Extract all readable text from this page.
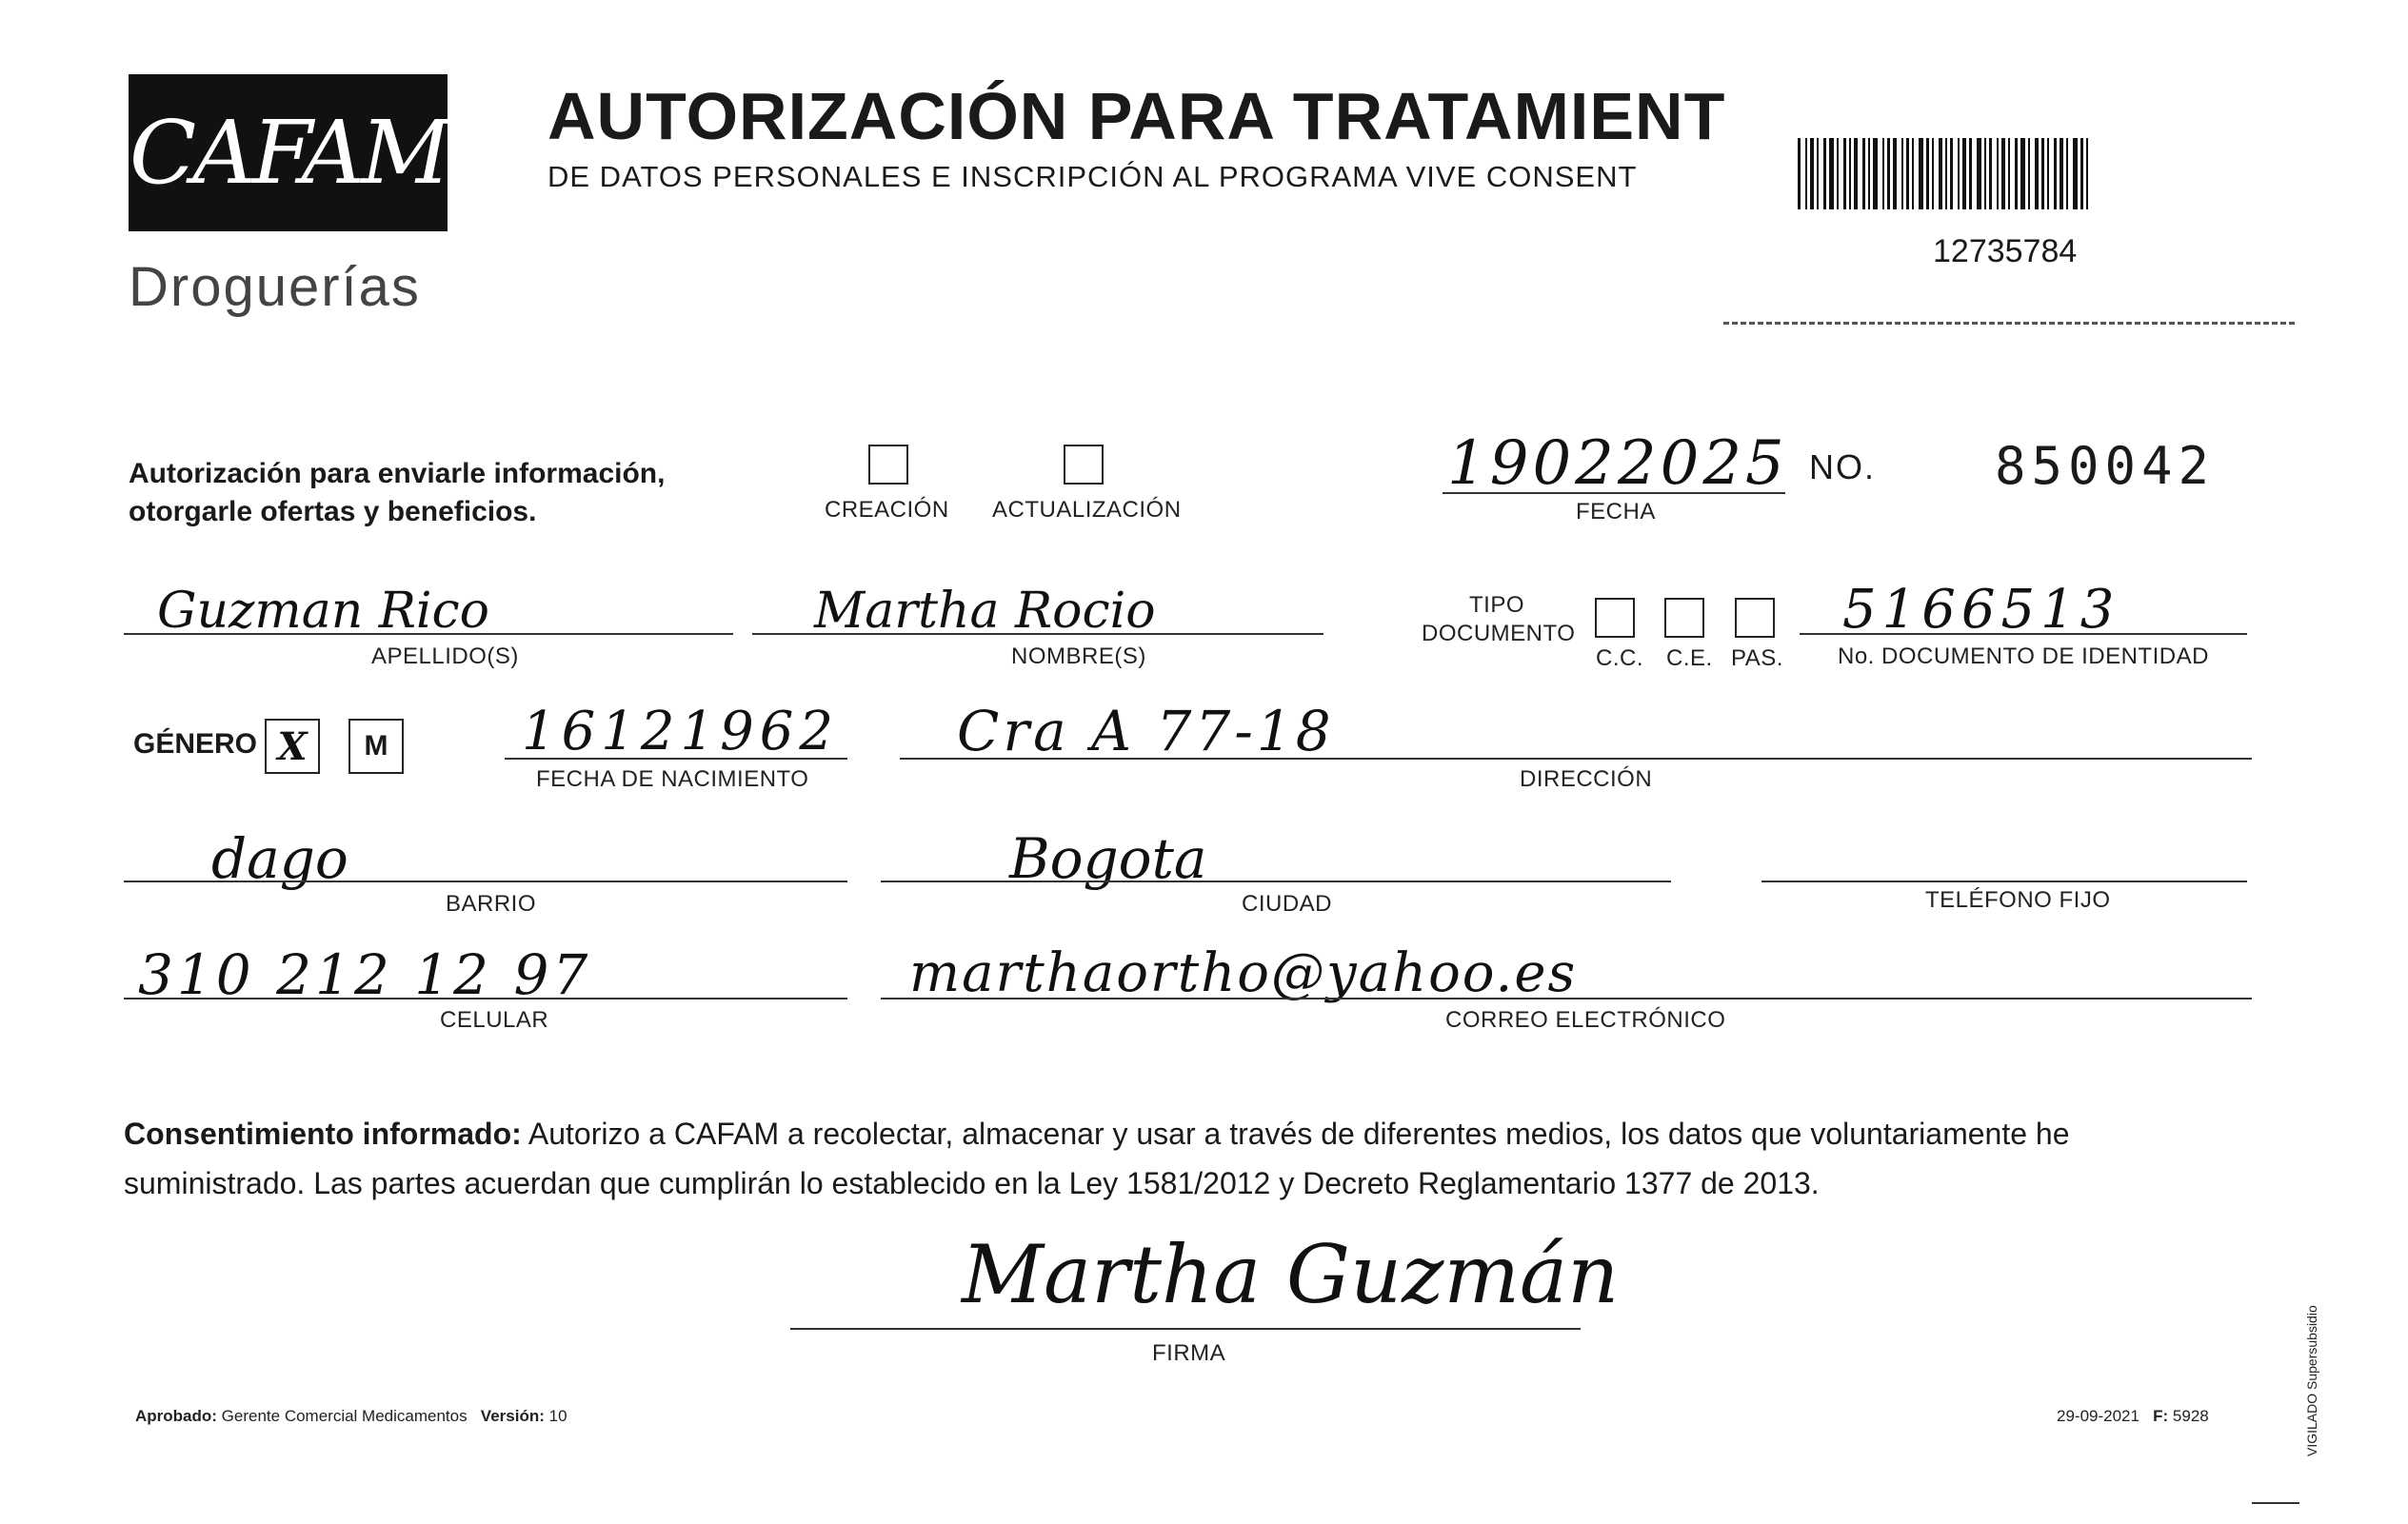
CAFAM
Droguerías
AUTORIZACIÓN PARA TRATAMIENT
DE DATOS PERSONALES E INSCRIPCIÓN AL PROGRAMA VIVE CONSENT
12735784
Autorización para enviarle información,
otorgarle ofertas y beneficios.	CREACIÓN ACTUALIZACIÓN
19022025
FECHA
NO. 850042
Guzman Rico
APELLIDO(S)
Martha Rocio
NOMBRE(S)
TIPO
DOCUMENTO
C.C. C.E. PAS.
5166513
No. DOCUMENTO DE IDENTIDAD
GÉNERO X M	16121962
FECHA DE NACIMIENTO
Cra A 77-18
DIRECCIÓN
dago
BARRIO
Bogota
CIUDAD	TELÉFONO FIJO
310 212 12 97
CELULAR
marthaortho@yahoo.es
CORREO ELECTRÓNICO
Consentimiento informado: Autorizo a CAFAM a recolectar, almacenar y usar a través de diferentes medios, los datos que voluntariamente he suministrado. Las partes acuerdan que cumplirán lo establecido en la Ley 1581/2012 y Decreto Reglamentario 1377 de 2013.
Martha Guzmán
FIRMA
Aprobado: Gerente Comercial Medicamentos Versión: 10	29-09-2021 F: 5928	VIGILADO Supersubsidio
